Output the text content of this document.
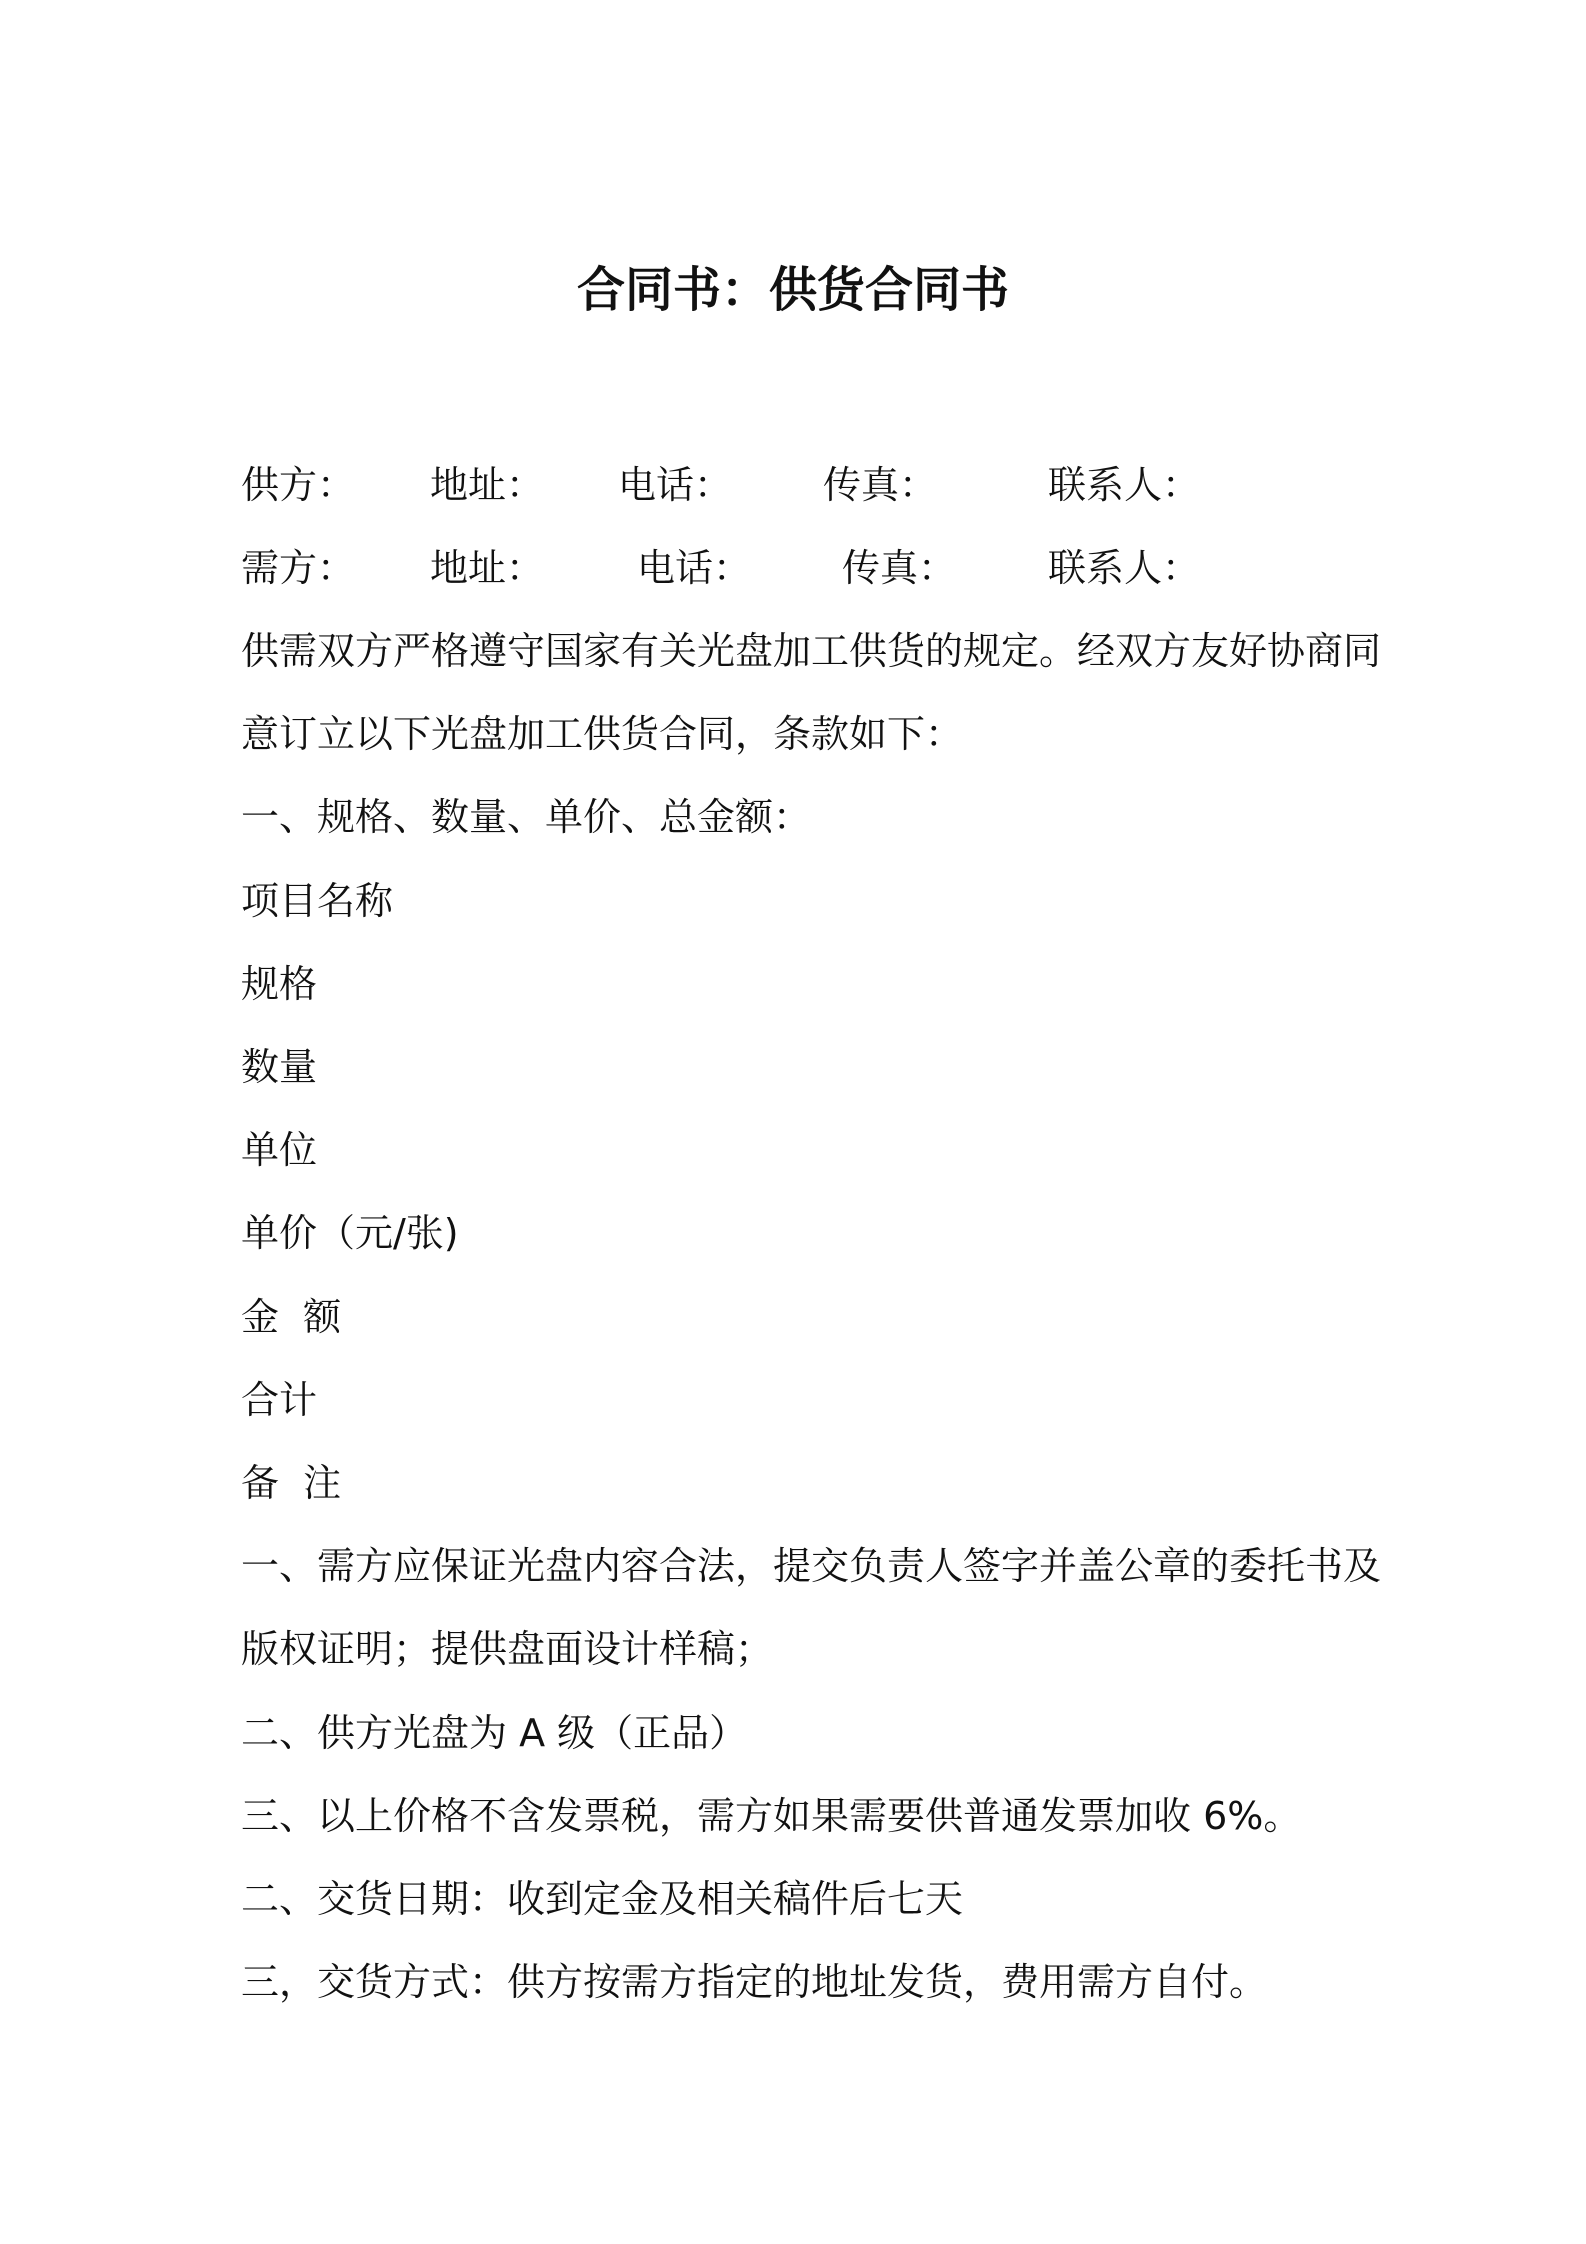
合同书：供货合同书
供方： 地址： 电话： 传真：	联系人：
需方： 地址： 电话： 传真： 联系人：
供需双方严格遵守国家有关光盘加工供货的规定。经双方友好协商同
意订立以下光盘加工供货合同，条款如下：
一、规格、数量、单价、总金额：
项目名称
规格
数量
单位
单价（元/张)
金  额
合计
备  注
一、需方应保证光盘内容合法，提交负责人签字并盖公章的委托书及
版权证明；提供盘面设计样稿；
二、供方光盘为 A 级（正品）
三、以上价格不含发票税，需方如果需要供普通发票加收 6%。
二、交货日期：收到定金及相关稿件后七天
三，交货方式：供方按需方指定的地址发货，费用需方自付。
